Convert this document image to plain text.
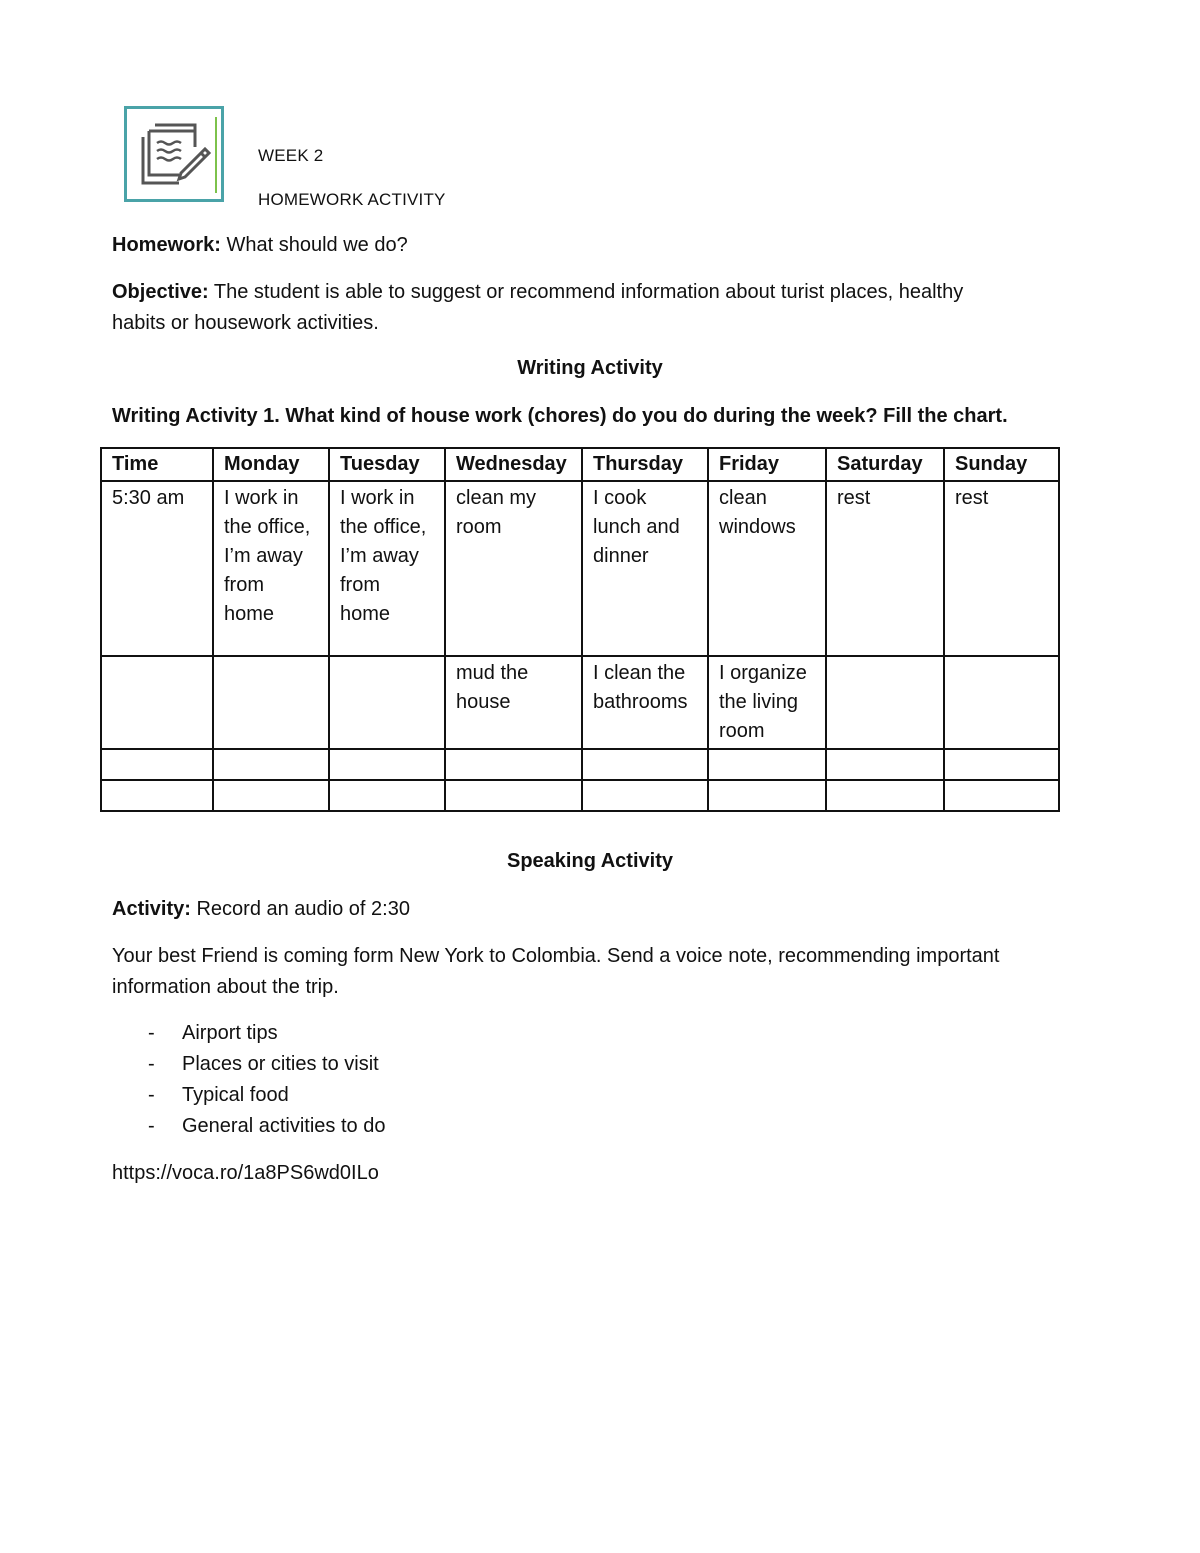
WEEK 2
HOMEWORK ACTIVITY
Homework: What should we do?
Objective: The student is able to suggest or recommend information about turist places, healthy
habits or housework activities.
Writing Activity
Writing Activity 1. What kind of house work (chores) do you do during the week? Fill the chart.
Time	Monday	Tuesday	Wednesday	Thursday	Friday	Saturday	Sunday
5:30 am	I work in the office, I’m away from home	I work in the office, I’m away from home	clean my room	I cook lunch and dinner	clean windows	rest	rest
			mud the house	I clean the bathrooms	I organize the living room		

Speaking Activity
Activity: Record an audio of 2:30
Your best Friend is coming form New York to Colombia. Send a voice note, recommending important
information about the trip.
- Airport tips
- Places or cities to visit
- Typical food
- General activities to do
https://voca.ro/1a8PS6wd0ILo
